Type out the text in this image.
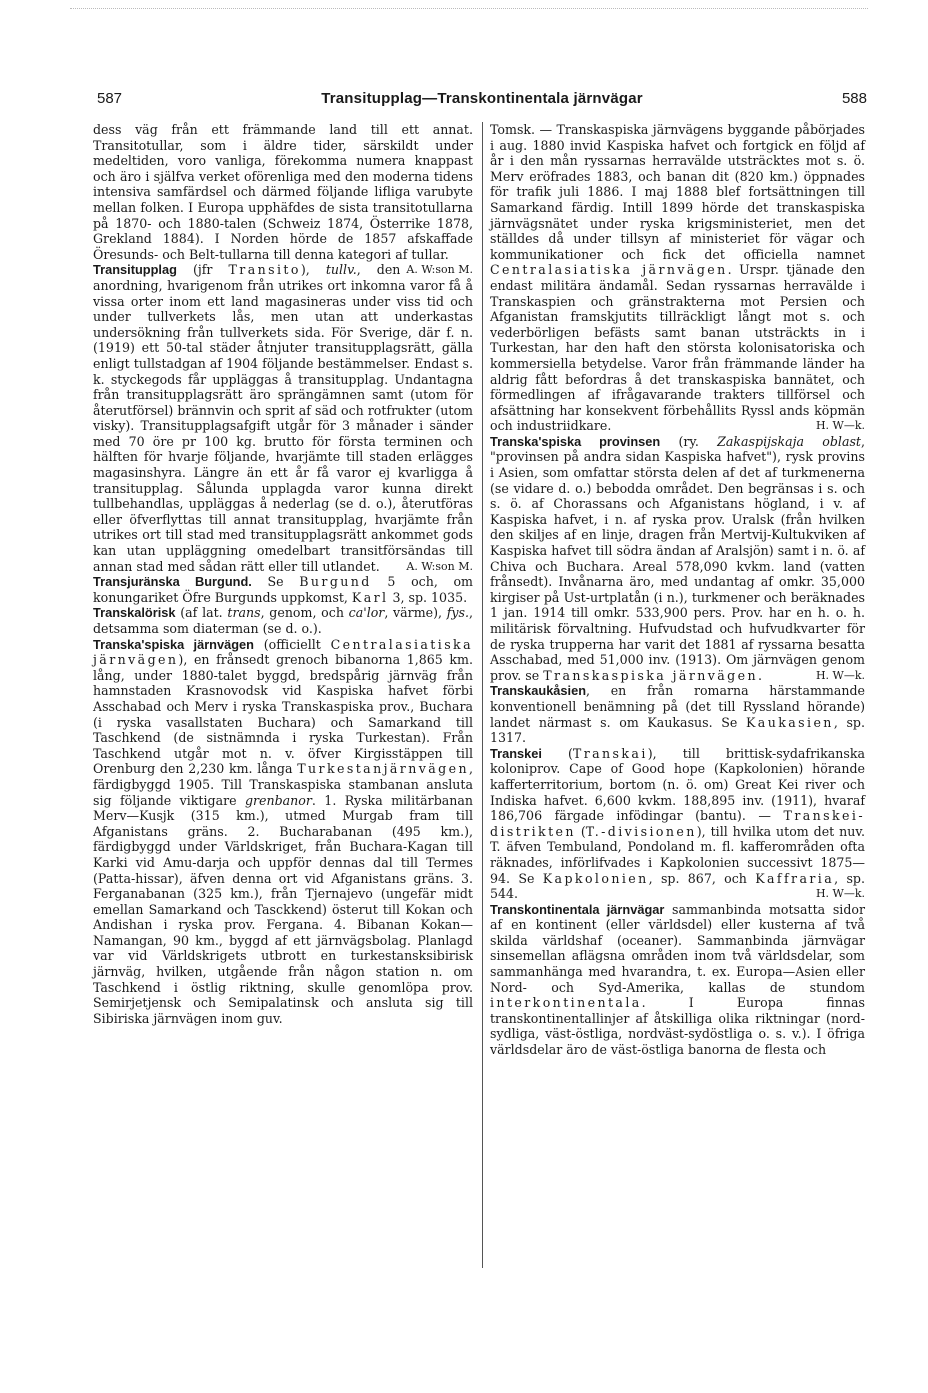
587	Transitupplag—Transkontinentala järnvägar	588

dess väg från ett främmande land till ett annat. Transitotullar, som i äldre tider, särskildt under medeltiden, voro vanliga, förekomma numera knappast och äro i själfva verket oförenliga med den moderna tidens intensiva samfärdsel och därmed följande lifliga varubyte mellan folken. I Europa upphäfdes de sista transitotullarna på 1870- och 1880-talen (Schweiz 1874, Österrike 1878, Grekland 1884). I Norden hörde de 1857 afskaffade Öresunds- och Belt-tullarna till denna kategori af tullar.
A. W:son M.

Transitupplag (jfr Transito), tullv., den anordning, hvarigenom från utrikes ort inkomna varor få å vissa orter inom ett land magasineras under viss tid och under tullverkets lås, men utan att underkastas undersökning från tullverkets sida. För Sverige, där f. n. (1919) ett 50-tal städer åtnjuter transitupplagsrätt, gälla enligt tullstadgan af 1904 följande bestämmelser. Endast s. k. styckegods får uppläggas å transitupplag. Undantagna från transitupplagsrätt äro sprängämnen samt (utom för återutförsel) brännvin och sprit af säd och rotfrukter (utom visky). Transitupplagsafgift utgår för 3 månader i sänder med 70 öre pr 100 kg. brutto för första terminen och hälften för hvarje följande, hvarjämte till staden erlägges magasinshyra. Längre än ett år få varor ej kvarligga å transitupplag. Sålunda upplagda varor kunna direkt tullbehandlas, uppläggas å nederlag (se d. o.), återutföras eller öfverflyttas till annat transitupplag, hvarjämte från utrikes ort till stad med transitupplagsrätt ankommet gods kan utan uppläggning omedelbart transitförsändas till annan stad med sådan rätt eller till utlandet. A. W:son M.

Transjuränska Burgund. Se Burgund 5 och, om konungariket Öfre Burgunds uppkomst, Karl 3, sp. 1035.

Transkalörisk (af lat. trans, genom, och ca'lor, värme), fys., detsamma som diaterman (se d. o.).

Transka'spiska järnvägen (officiellt Centralasiatiska järnvägen), en frånsedt grenoch bibanorna 1,865 km. lång, under 1880-talet byggd, bredspårig järnväg från hamnstaden Krasnovodsk vid Kaspiska hafvet förbi Asschabad och Merv i ryska Transkaspiska prov., Buchara (i ryska vasallstaten Buchara) och Samarkand till Taschkend (de sistnämnda i ryska Turkestan). Från Taschkend utgår mot n. v. öfver Kirgisstäppen till Orenburg den 2,230 km. långa Turkestanjärnvägen, färdigbyggd 1905. Till Transkaspiska stambanan ansluta sig följande viktigare grenbanor. 1. Ryska militärbanan Merv—Kusjk (315 km.), utmed Murgab fram till Afganistans gräns. 2. Bucharabanan (495 km.), färdigbyggd under Världskriget, från Buchara-Kagan till Karki vid Amu-darja och uppför dennas dal till Termes (Patta-hissar), äfven denna ort vid Afganistans gräns. 3. Ferganabanan (325 km.), från Tjernajevo (ungefär midt emellan Samarkand och Tasckkend) österut till Kokan och Andishan i ryska prov. Fergana. 4. Bibanan Kokan—Namangan, 90 km., byggd af ett järnvägsbolag. Planlagd var vid Världskrigets utbrott en turkestansksibirisk järnväg, hvilken, utgående från någon station n. om Taschkend i östlig riktning, skulle genomlöpa prov. Semirjetjensk och Semipalatinsk och ansluta sig till Sibiriska järnvägen inom guv.

Tomsk. — Transkaspiska järnvägens byggande påbörjades i aug. 1880 invid Kaspiska hafvet och fortgick en följd af år i den mån ryssarnas herravälde utsträcktes mot s. ö. Merv eröfrades 1883, och banan dit (820 km.) öppnades för trafik juli 1886. I maj 1888 blef fortsättningen till Samarkand färdig. Intill 1899 hörde det transkaspiska järnvägsnätet under ryska krigsministeriet, men det ställdes då under tillsyn af ministeriet för vägar och kommunikationer och fick det officiella namnet Centralasiatiska järnvägen. Urspr. tjänade den endast militära ändamål. Sedan ryssarnas herravälde i Transkaspien och gränstrakterna mot Persien och Afganistan framskjutits tillräckligt långt mot s. och vederbörligen befästs samt banan utsträckts in i Turkestan, har den haft den största kolonisatoriska och kommersiella betydelse. Varor från främmande länder ha aldrig fått befordras å det transkaspiska bannätet, och förmedlingen af ifrågavarande trakters tillförsel och afsättning har konsekvent förbehållits Ryssl ands köpmän och industriidkare.	H. W—k.

Transka'spiska provinsen (ry. Zakaspijskaja oblast, "provinsen på andra sidan Kaspiska hafvet"), rysk provins i Asien, som omfattar största delen af det af turkmenerna (se vidare d. o.) bebodda området. Den begränsas i s. och s. ö. af Chorassans och Afganistans högland, i v. af Kaspiska hafvet, i n. af ryska prov. Uralsk (från hvilken den skiljes af en linje, dragen från Mertvij-Kultukviken af Kaspiska hafvet till södra ändan af Aralsjön) samt i n. ö. af Chiva och Buchara. Areal 578,090 kvkm. land (vatten frånsedt). Invånarna äro, med undantag af omkr. 35,000 kirgiser på Ust-urtplatån (i n.), turkmener och beräknades 1 jan. 1914 till omkr. 533,900 pers. Prov. har en h. o. h. militärisk förvaltning. Hufvudstad och hufvudkvarter för de ryska trupperna har varit det 1881 af ryssarna besatta Asschabad, med 51,000 inv. (1913). Om järnvägen genom prov. se Transkaspiska järnvägen.	H. W—k.

Transkaukåsien, en från romarna härstammande konventionell benämning på (det till Ryssland hörande) landet närmast s. om Kaukasus. Se Kaukasien, sp. 1317.

Transkei (Transkai), till brittisk-sydafrikanska koloniprov. Cape of Good hope (Kapkolonien) hörande kafferterritorium, bortom (n. ö. om) Great Kei river och Indiska hafvet. 6,600 kvkm. 188,895 inv. (1911), hvaraf 186,706 färgade infödingar (bantu). — Transkei-distrikten (T.-divisionen), till hvilka utom det nuv. T. äfven Tembuland, Pondoland m. fl. kafferområden ofta räknades, införlifvades i Kapkolonien successivt 1875—94. Se Kapkolonien, sp. 867, och Kaffraria, sp. 544.	H. W—k.

Transkontinentala järnvägar sammanbinda motsatta sidor af en kontinent (eller världsdel) eller kusterna af två skilda världshaf (oceaner). Sammanbinda järnvägar sinsemellan aflägsna områden inom två världsdelar, som sammanhänga med hvarandra, t. ex. Europa—Asien eller Nord- och Syd-Amerika, kallas de stundom interkontinentala. I Europa finnas transkontinentallinjer af åtskilliga olika riktningar (nord-sydliga, väst-östliga, nordväst-sydöstliga o. s. v.). I öfriga världsdelar äro de väst-östliga banorna de flesta och
